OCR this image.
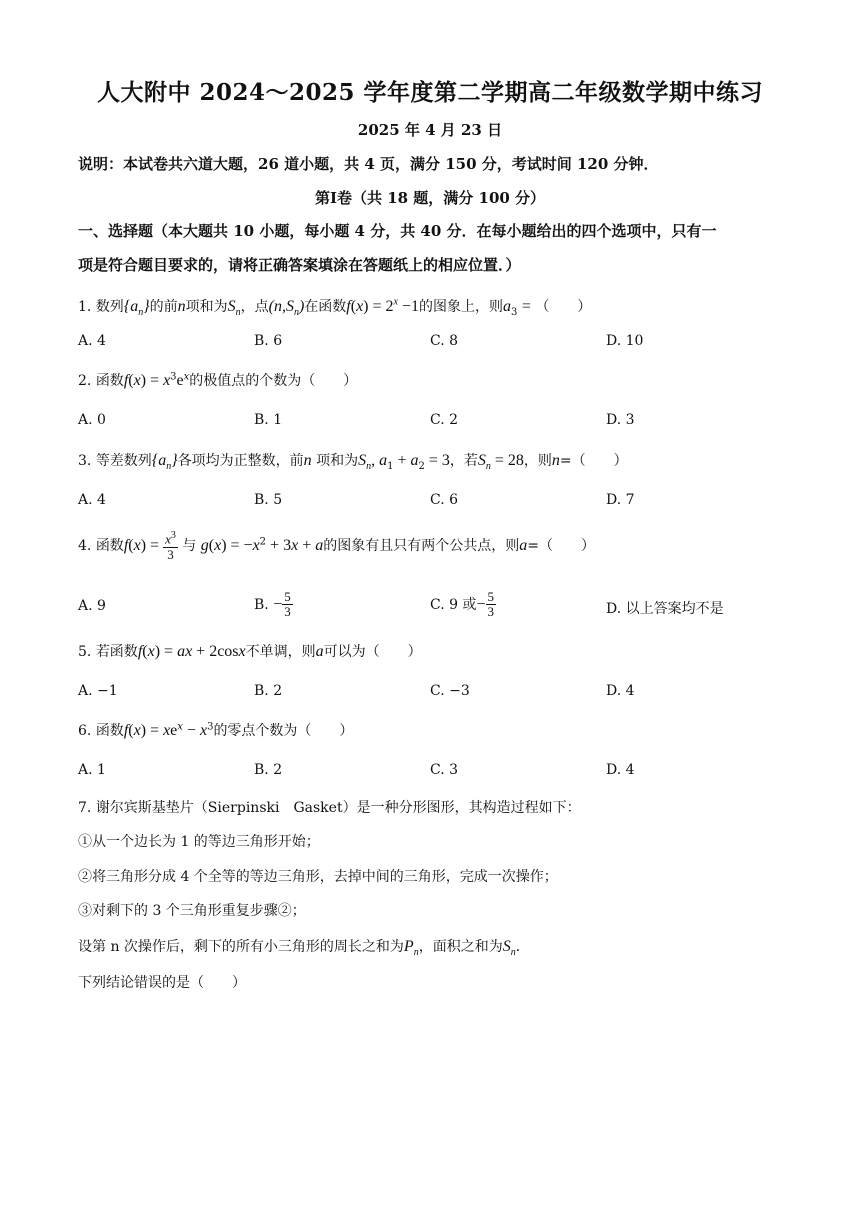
人大附中 2024～2025 学年度第二学期高二年级数学期中练习
2025 年 4 月 23 日
说明：本试卷共六道大题，26 道小题，共 4 页，满分 150 分，考试时间 120 分钟．
第Ⅰ卷（共 18 题，满分 100 分）
一、选择题（本大题共 10 小题，每小题 4 分，共 40 分．在每小题给出的四个选项中，只有一
项是符合题目要求的，请将正确答案填涂在答题纸上的相应位置．）
1. 数列$\{a_n\}$的前n项和为$S_n$，点$(n,S_n)$在函数$f(x) = 2^x -1$的图象上，则$a_3$ = （　　）
A. 4	B. 6	C. 8	D. 10
2. 函数$f(x) = x^3e^x$的极值点的个数为（　　）
A. 0	B. 1	C. 2	D. 3
3. 等差数列$\{a_n\}$各项均为正整数，前n 项和为$S_n$, $a_1 + a_2 = 3$，若$S_n = 28$，则n=（　　）
A. 4	B. 5	C. 6	D. 7
4. 函数$f(x) = \frac{x^3}{3}$ 与 $g(x) = -x^2 + 3x + a$的图象有且只有两个公共点，则a=（　　）
A. 9	B. − $\frac{5}{3}$	C. 9 或− $\frac{5}{3}$	D. 以上答案均不是
5. 若函数f(x) = ax + 2cosx不单调，则a可以为（　　）
A. −1	B. 2	C. −3	D. 4
6. 函数$f(x) = xe^x - x^3$的零点个数为（　　）
A. 1	B. 2	C. 3	D. 4
7. 谢尔宾斯基垫片（Sierpinski　Gasket）是一种分形图形，其构造过程如下：
①从一个边长为 1 的等边三角形开始；
②将三角形分成 4 个全等的等边三角形，去掉中间的三角形，完成一次操作；
③对剩下的 3 个三角形重复步骤②；
设第 n 次操作后，剩下的所有小三角形的周长之和为$P_n$，面积之和为$S_n$．
下列结论错误的是（　　）
